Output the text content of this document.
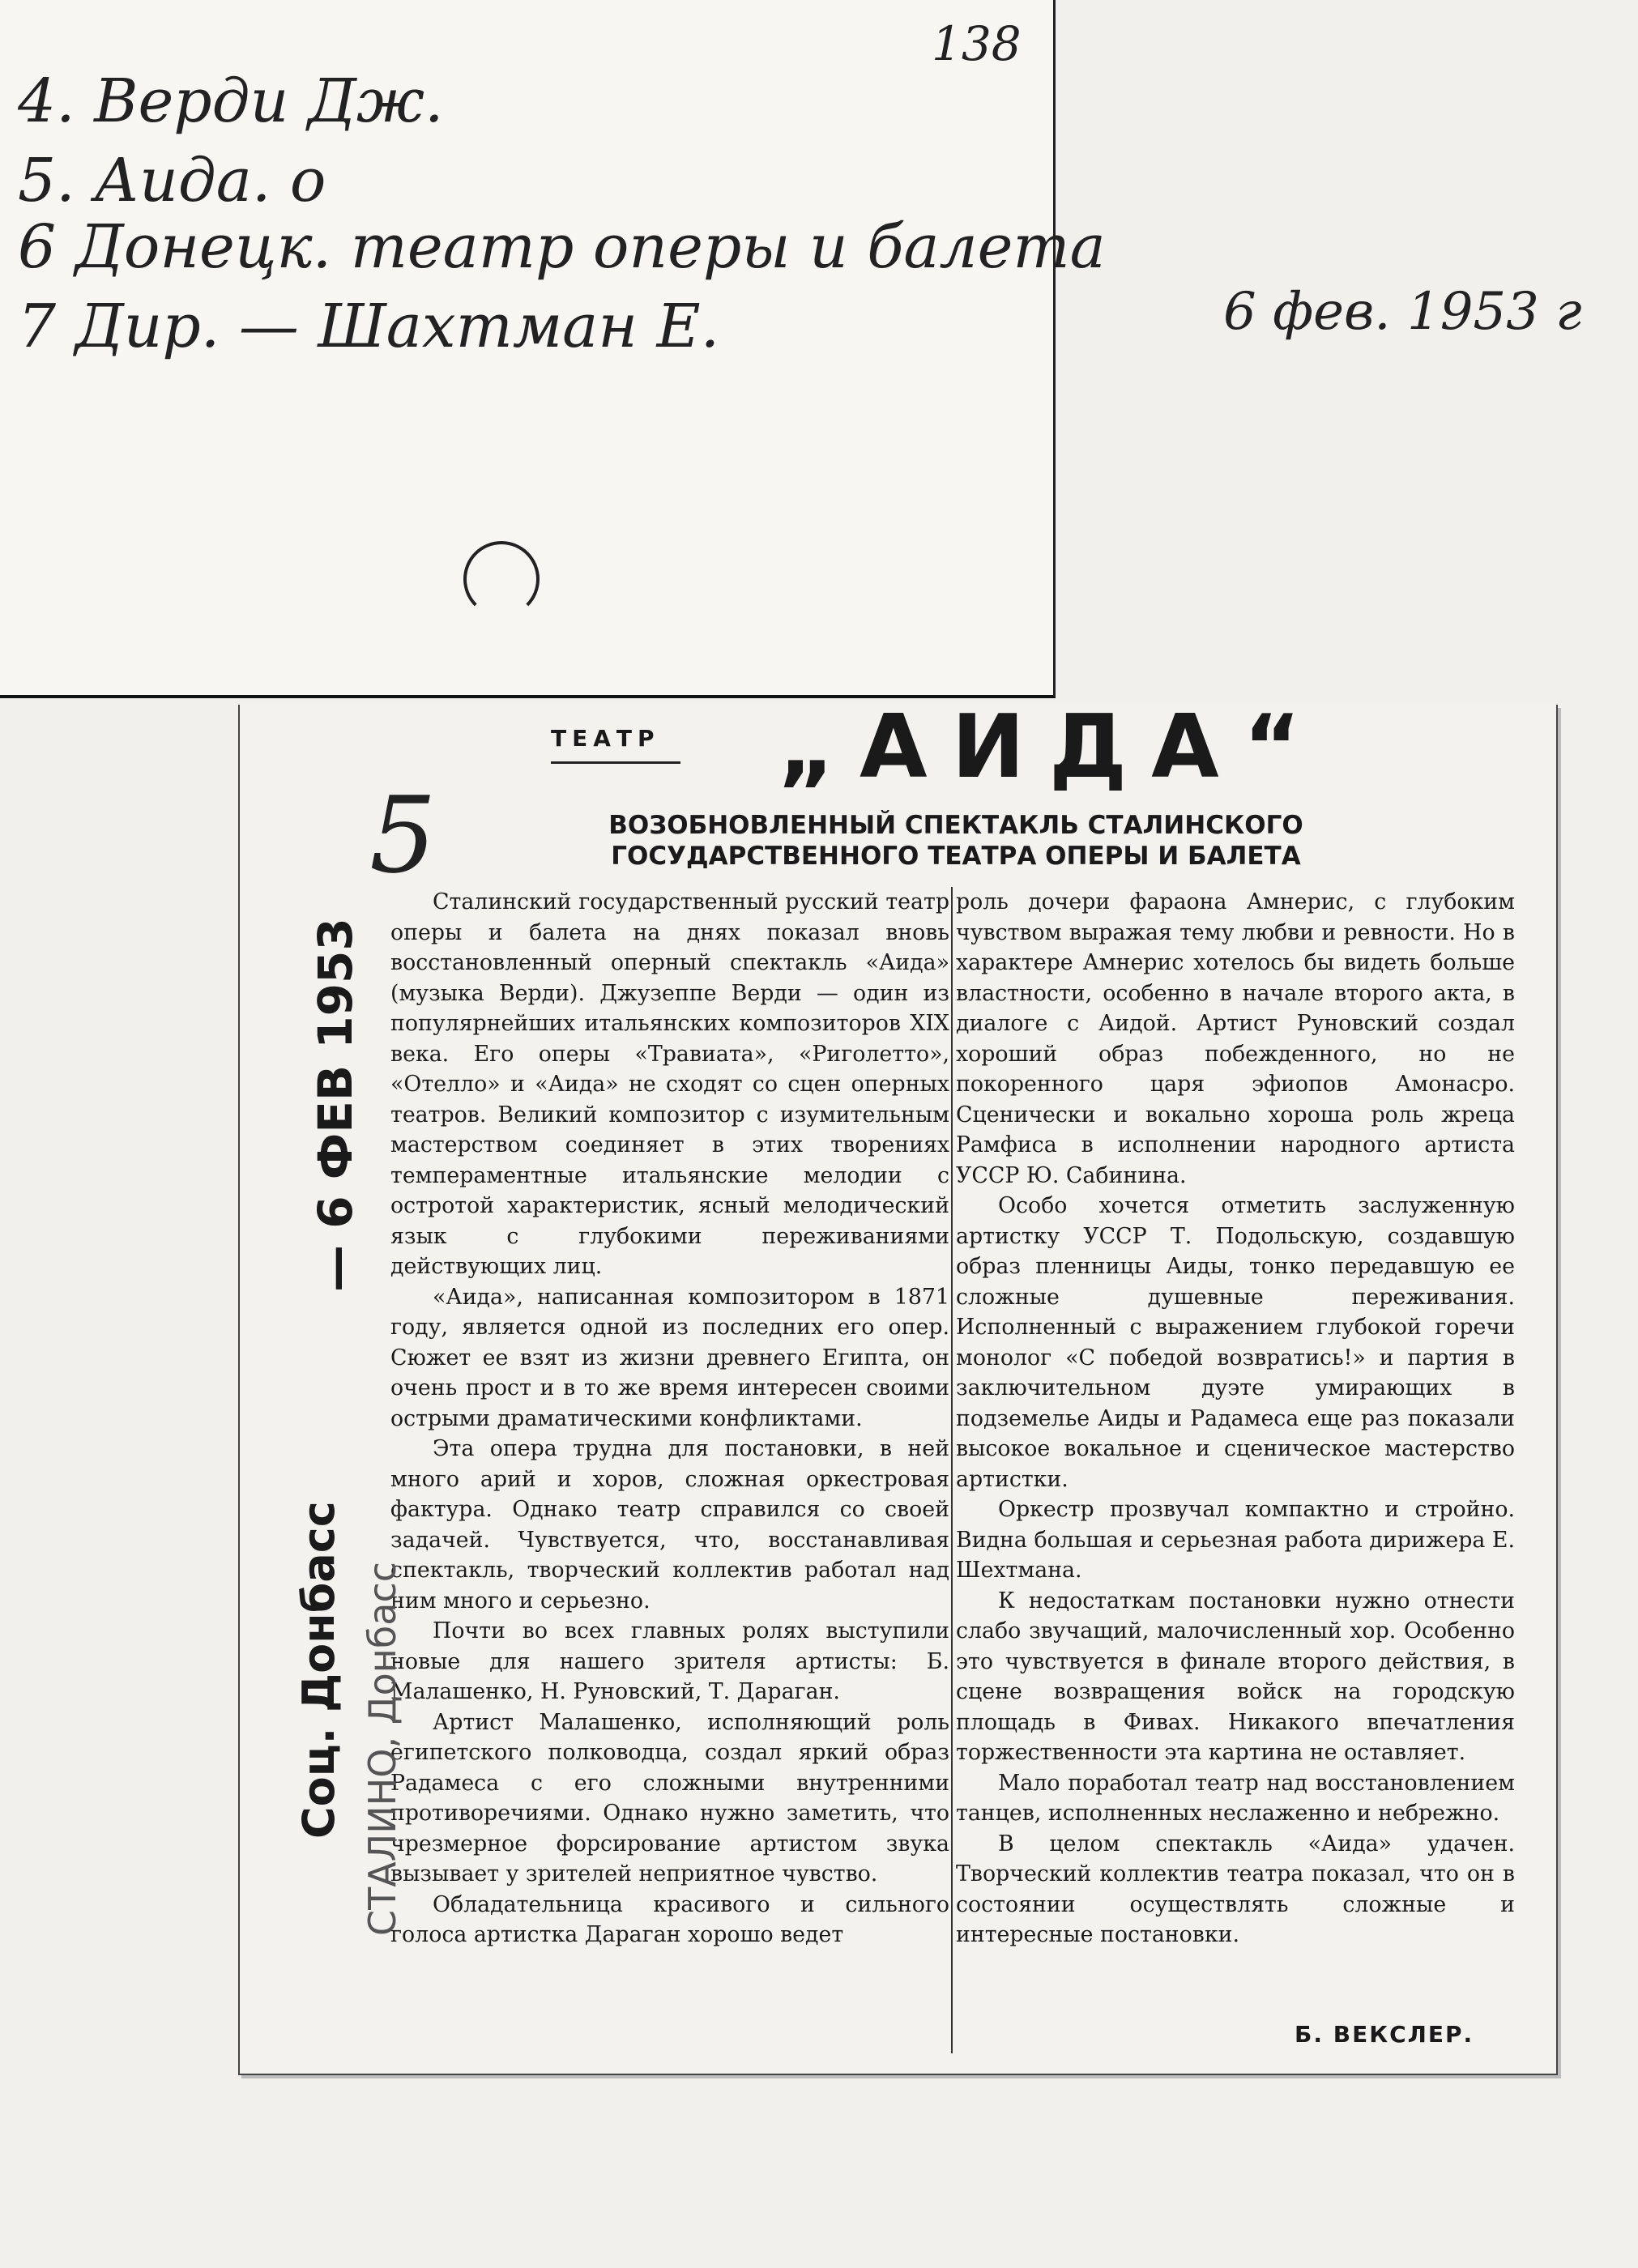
4. Верди Дж.
5. Аида. о
6 Донецк. театр оперы и балета
7 Дир. — Шахтман Е.
138
6 фев. 1953 г
ТЕАТР „АИДА“
5	ВОЗОБНОВЛЕННЫЙ СПЕКТАКЛЬ СТАЛИНСКОГО
ГОСУДАРСТВЕННОГО ТЕАТРА ОПЕРЫ И БАЛЕТА

Сталинский государственный русский театр оперы и балета на днях показал вновь восстановленный оперный спектакль «Аида» (музыка Верди). Джузеппе Верди — один из популярнейших итальянских композиторов XIX века. Его оперы «Травиата», «Риголетто», «Отелло» и «Аида» не сходят со сцен оперных театров. Великий композитор с изумительным мастерством соединяет в этих творениях темпераментные итальянские мелодии с остротой характеристик, ясный мелодический язык с глубокими переживаниями действующих лиц.

«Аида», написанная композитором в 1871 году, является одной из последних его опер. Сюжет ее взят из жизни древнего Египта, он очень прост и в то же время интересен своими острыми драматическими конфликтами.

Эта опера трудна для постановки, в ней много арий и хоров, сложная оркестровая фактура. Однако театр справился со своей задачей. Чувствуется, что, восстанавливая спектакль, творческий коллектив работал над ним много и серьезно.

Почти во всех главных ролях выступили новые для нашего зрителя артисты: Б. Малашенко, Н. Руновский, Т. Дараган.

Артист Малашенко, исполняющий роль египетского полководца, создал яркий образ Радамеса с его сложными внутренними противоречиями. Однако нужно заметить, что чрезмерное форсирование артистом звука вызывает у зрителей неприятное чувство.

Обладательница красивого и сильного голоса артистка Дараган хорошо ведет

роль дочери фараона Амнерис, с глубоким чувством выражая тему любви и ревности. Но в характере Амнерис хотелось бы видеть больше властности, особенно в начале второго акта, в диалоге с Аидой. Артист Руновский создал хороший образ побежденного, но не покоренного царя эфиопов Амонасро. Сценически и вокально хороша роль жреца Рамфиса в исполнении народного артиста УССР Ю. Сабинина.

Особо хочется отметить заслуженную артистку УССР Т. Подольскую, создавшую образ пленницы Аиды, тонко передавшую ее сложные душевные переживания. Исполненный с выражением глубокой горечи монолог «С победой возвратись!» и партия в заключительном дуэте умирающих в подземелье Аиды и Радамеса еще раз показали высокое вокальное и сценическое мастерство артистки.

Оркестр прозвучал компактно и стройно. Видна большая и серьезная работа дирижера Е. Шехтмана.

К недостаткам постановки нужно отнести слабо звучащий, малочисленный хор. Особенно это чувствуется в финале второго действия, в сцене возвращения войск на городскую площадь в Фивах. Никакого впечатления торжественности эта картина не оставляет.

Мало поработал театр над восстановлением танцев, исполненных неслаженно и небрежно.

В целом спектакль «Аида» удачен. Творческий коллектив театра показал, что он в состоянии осуществлять сложные и интересные постановки.

Б. ВЕКСЛЕР.
— 6 ФЕВ 1953
Соц. Донбасс СТАЛИНО, Донбасс
